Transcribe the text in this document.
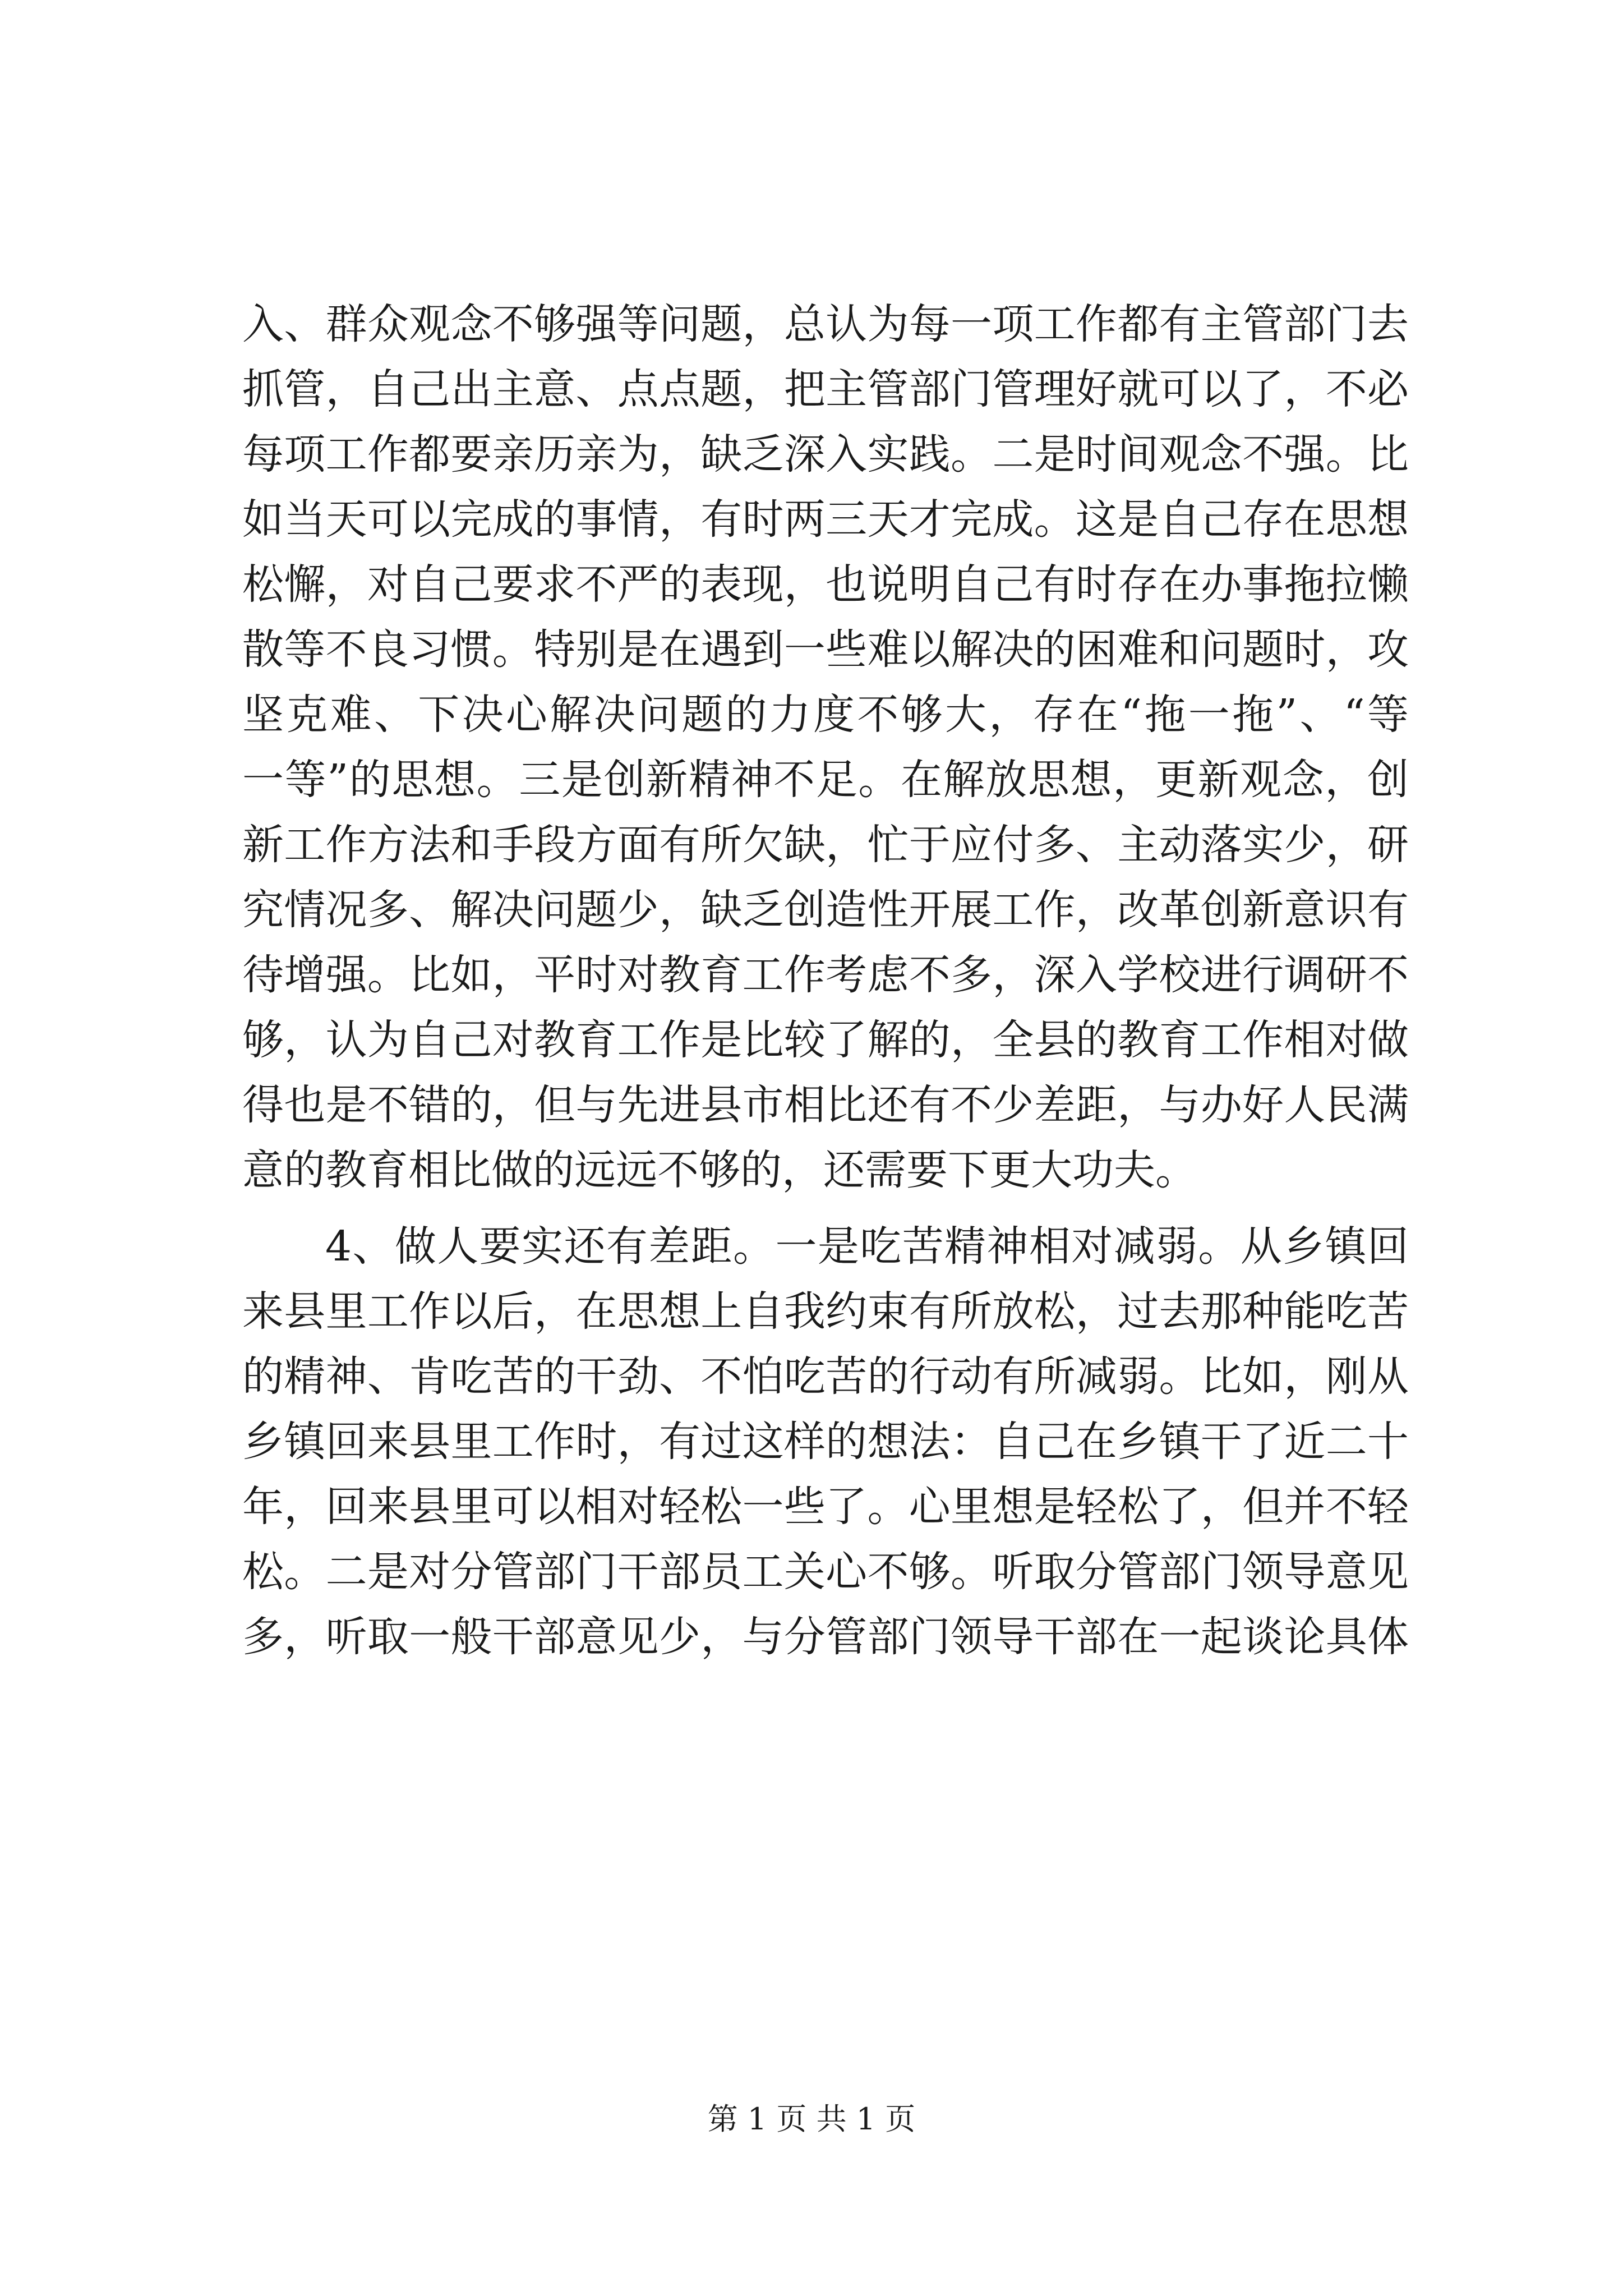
入、群众观念不够强等问题，总认为每一项工作都有主管部门去
抓管，自己出主意、点点题，把主管部门管理好就可以了，不必
每项工作都要亲历亲为，缺乏深入实践。二是时间观念不强。比
如当天可以完成的事情，有时两三天才完成。这是自己存在思想
松懈，对自己要求不严的表现，也说明自己有时存在办事拖拉懒
散等不良习惯。特别是在遇到一些难以解决的困难和问题时，攻
坚克难、下决心解决问题的力度不够大，存在“拖一拖”、“等
一等”的思想。三是创新精神不足。在解放思想，更新观念，创
新工作方法和手段方面有所欠缺，忙于应付多、主动落实少，研
究情况多、解决问题少，缺乏创造性开展工作，改革创新意识有
待增强。比如，平时对教育工作考虑不多，深入学校进行调研不
够，认为自己对教育工作是比较了解的，全县的教育工作相对做
得也是不错的，但与先进县市相比还有不少差距，与办好人民满
意的教育相比做的远远不够的，还需要下更大功夫。
4、做人要实还有差距。一是吃苦精神相对减弱。从乡镇回
来县里工作以后，在思想上自我约束有所放松，过去那种能吃苦
的精神、肯吃苦的干劲、不怕吃苦的行动有所减弱。比如，刚从
乡镇回来县里工作时，有过这样的想法：自己在乡镇干了近二十
年，回来县里可以相对轻松一些了。心里想是轻松了，但并不轻
松。二是对分管部门干部员工关心不够。听取分管部门领导意见
多，听取一般干部意见少，与分管部门领导干部在一起谈论具体
第 1 页 共 1 页
